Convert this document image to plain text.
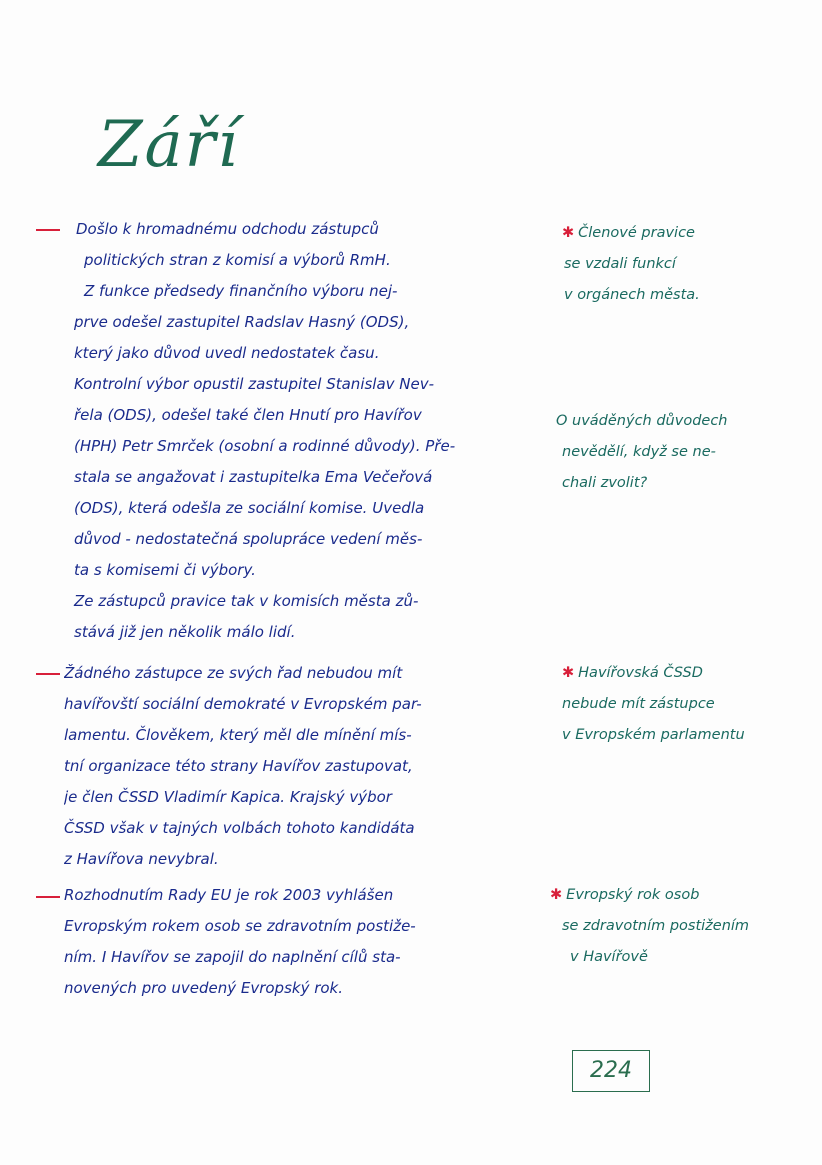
Září
Došlo k hromadnému odchodu zástupců
politických stran z komisí a výborů RmH.
Z funkce předsedy finančního výboru nej-
prve odešel zastupitel Radslav Hasný (ODS),
který jako důvod uvedl nedostatek času.
Kontrolní výbor opustil zastupitel Stanislav Nev-
řela (ODS), odešel také člen Hnutí pro Havířov
(HPH) Petr Smrček (osobní a rodinné důvody). Pře-
stala se angažovat i zastupitelka Ema Večeřová
(ODS), která odešla ze sociální komise. Uvedla
důvod - nedostatečná spolupráce vedení měs-
ta s komisemi či výbory.
Ze zástupců pravice tak v komisích města zů-
stává již jen několik málo lidí.
✱ Členové pravice
se vzdali funkcí
v orgánech města.
O uváděných důvodech
nevědělí, když se ne-
chali zvolit?
Žádného zástupce ze svých řad nebudou mít
havířovští sociální demokraté v Evropském par-
lamentu. Člověkem, který měl dle mínění mís-
tní organizace této strany Havířov zastupovat,
je člen ČSSD Vladimír Kapica. Krajský výbor
ČSSD však v tajných volbách tohoto kandidáta
z Havířova nevybral.
✱ Havířovská ČSSD
nebude mít zástupce
v Evropském parlamentu
Rozhodnutím Rady EU je rok 2003 vyhlášen
Evropským rokem osob se zdravotním postiže-
ním. I Havířov se zapojil do naplnění cílů sta-
novených pro uvedený Evropský rok.
✱ Evropský rok osob
se zdravotním postižením
v Havířově
224
